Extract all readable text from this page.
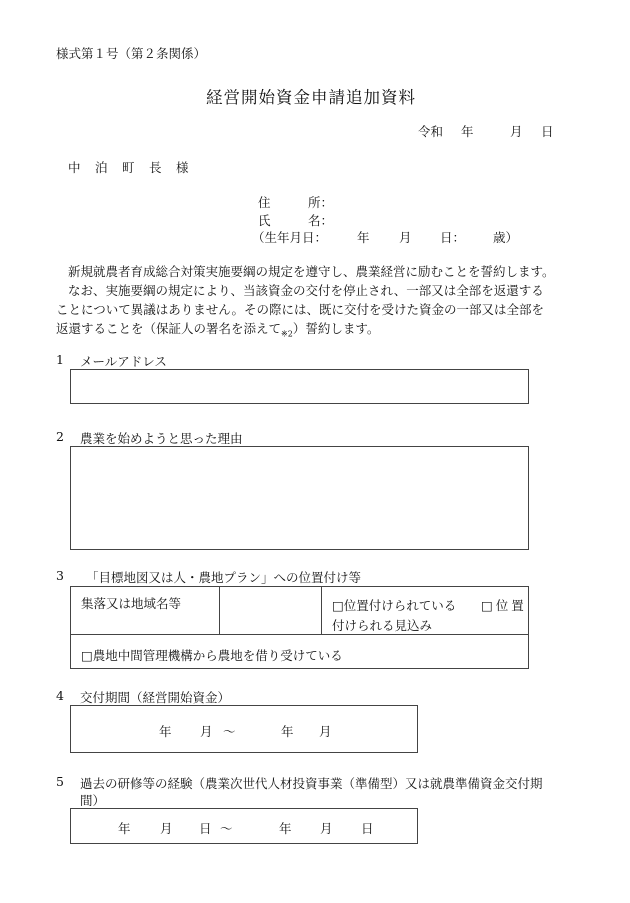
様式第１号（第２条関係）
経営開始資金申請追加資料
令和 年	月 日
中　泊　町　長　様
住　　　所：
氏　　　名：
（生年月日： 年 月 日： 歳）
新規就農者育成総合対策実施要綱の規定を遵守し、農業経営に励むことを誓約します。
なお、実施要綱の規定により、当該資金の交付を停止され、一部又は全部を返還する
ことについて異議はありません。その際には、既に交付を受けた資金の一部又は全部を
返還することを（保証人の署名を添えて$_{※2}$）誓約します。
1 メールアドレス
2 農業を始めようと思った理由
3 「目標地図又は人・農地プラン」への位置付け等
集落又は地域名等	□位置付けられている □位置
付けられる見込み
□農地中間管理機構から農地を借り受けている
4 交付期間（経営開始資金）
年 月 ～	年 月
5 過去の研修等の経験（農業次世代人材投資事業（準備型）又は就農準備資金交付期
間）
年 月 日 ～	年 月 日
